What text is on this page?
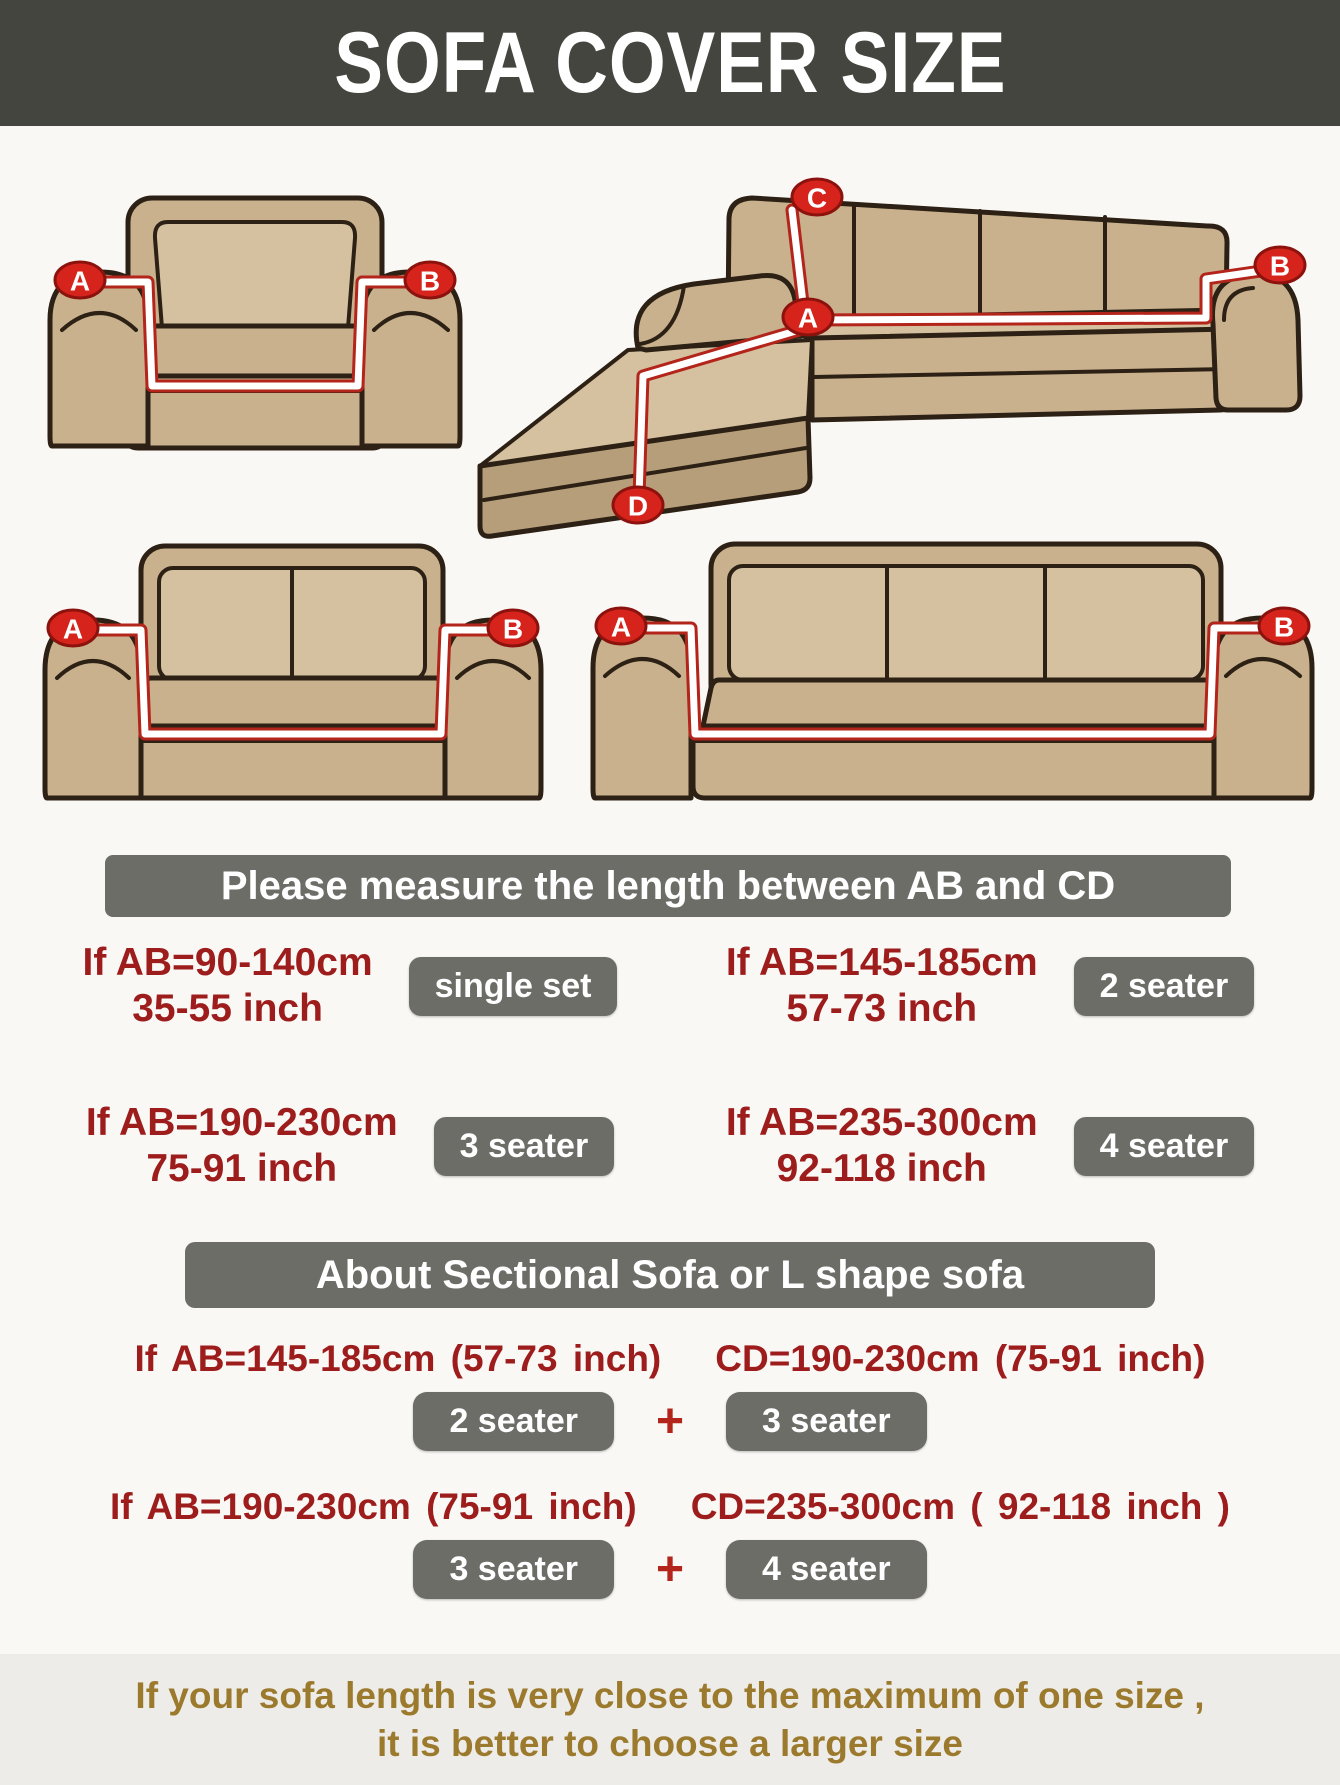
SOFA COVER SIZE
A	B
C
A
B
D
A	B	A	B
Please measure the length between AB and CD
If AB=90-140cm
35-55 inch
single set
If AB=145-185cm
57-73 inch
2 seater
If AB=190-230cm
75-91 inch
3 seater
If AB=235-300cm
92-118 inch
4 seater
About Sectional Sofa or L shape sofa
If AB=145-185cm (57-73 inch) CD=190-230cm (75-91 inch)
2 seater	+	3 seater
If AB=190-230cm (75-91 inch) CD=235-300cm ( 92-118 inch )
3 seater	+	4 seater
If your sofa length is very close to the maximum of one size ,
it is better to choose a larger size
